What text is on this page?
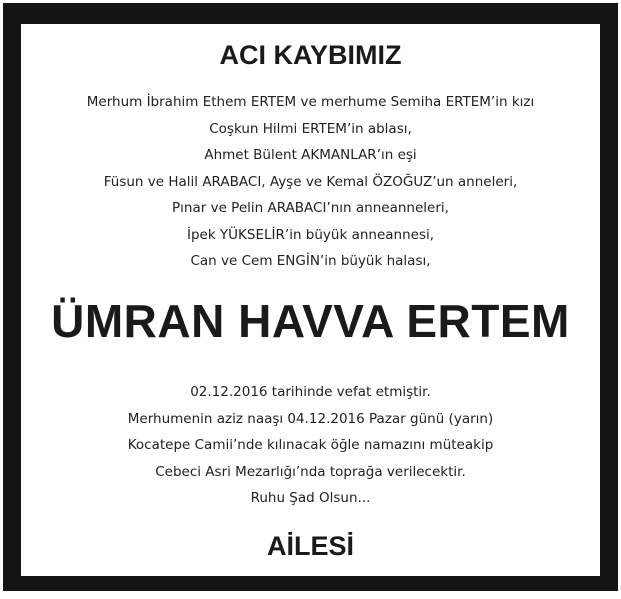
ACI KAYBIMIZ
Merhum İbrahim Ethem ERTEM ve merhume Semiha ERTEM’in kızı
Coşkun Hilmi ERTEM’in ablası,
Ahmet Bülent AKMANLAR’ın eşi
Füsun ve Halil ARABACI, Ayşe ve Kemal ÖZOĞUZ’un anneleri,
Pınar ve Pelin ARABACI’nın anneanneleri,
İpek YÜKSELİR’in büyük anneannesi,
Can ve Cem ENGİN’in büyük halası,
ÜMRAN HAVVA ERTEM
02.12.2016 tarihinde vefat etmiştir.
Merhumenin aziz naaşı 04.12.2016 Pazar günü (yarın)
Kocatepe Camii’nde kılınacak öğle namazını müteakip
Cebeci Asri Mezarlığı’nda toprağa verilecektir.
Ruhu Şad Olsun...
AİLESİ
